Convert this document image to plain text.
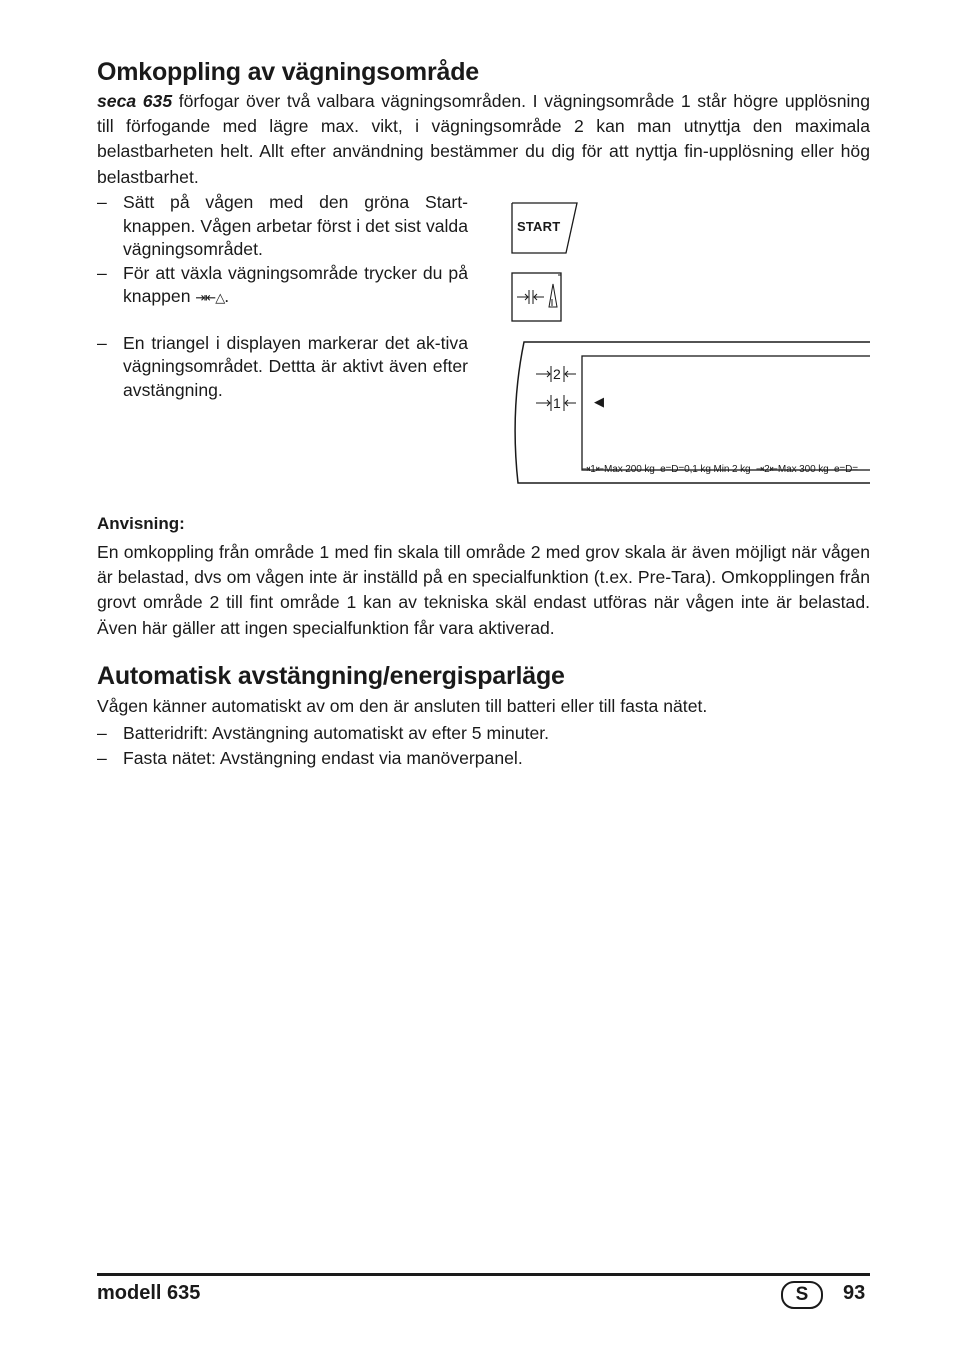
Omkoppling av vägningsområde

seca 635 förfogar över två valbara vägningsområden. I vägningsområde 1 står högre upplösning till förfogande med lägre max. vikt, i vägningsområde 2 kan man utnyttja den maximala belastbarheten helt. Allt efter användning bestämmer du dig för att nyttja fin-upplösning eller hög belastbarhet.

– Sätt på vågen med den gröna Start-knappen. Vågen arbetar först i det sist valda vägningsområdet.
– För att växla vägningsområde trycker du på knappen ⇥⇤△.
– En triangel i displayen markerar det ak-tiva vägningsområdet. Dettta är aktivt även efter avstängning.
START
2
1	◀
⇥1⇤Max 200 kg e=D=0,1 kg Min 2 kg  ⇥2⇤Max 300 kg e=D=
Anvisning:

En omkoppling från område 1 med fin skala till område 2 med grov skala är även möjligt när vågen är belastad, dvs om vågen inte är inställd på en specialfunktion (t.ex. Pre-Tara). Omkopplingen från grovt område 2 till fint område 1 kan av tekniska skäl endast utföras när vågen inte är belastad. Även här gäller att ingen specialfunktion får vara aktiverad.

Automatisk avstängning/energisparläge

Vågen känner automatiskt av om den är ansluten till batteri eller till fasta nätet.

– Batteridrift: Avstängning automatiskt av efter 5 minuter.
– Fasta nätet: Avstängning endast via manöverpanel.
modell 635	S	93
